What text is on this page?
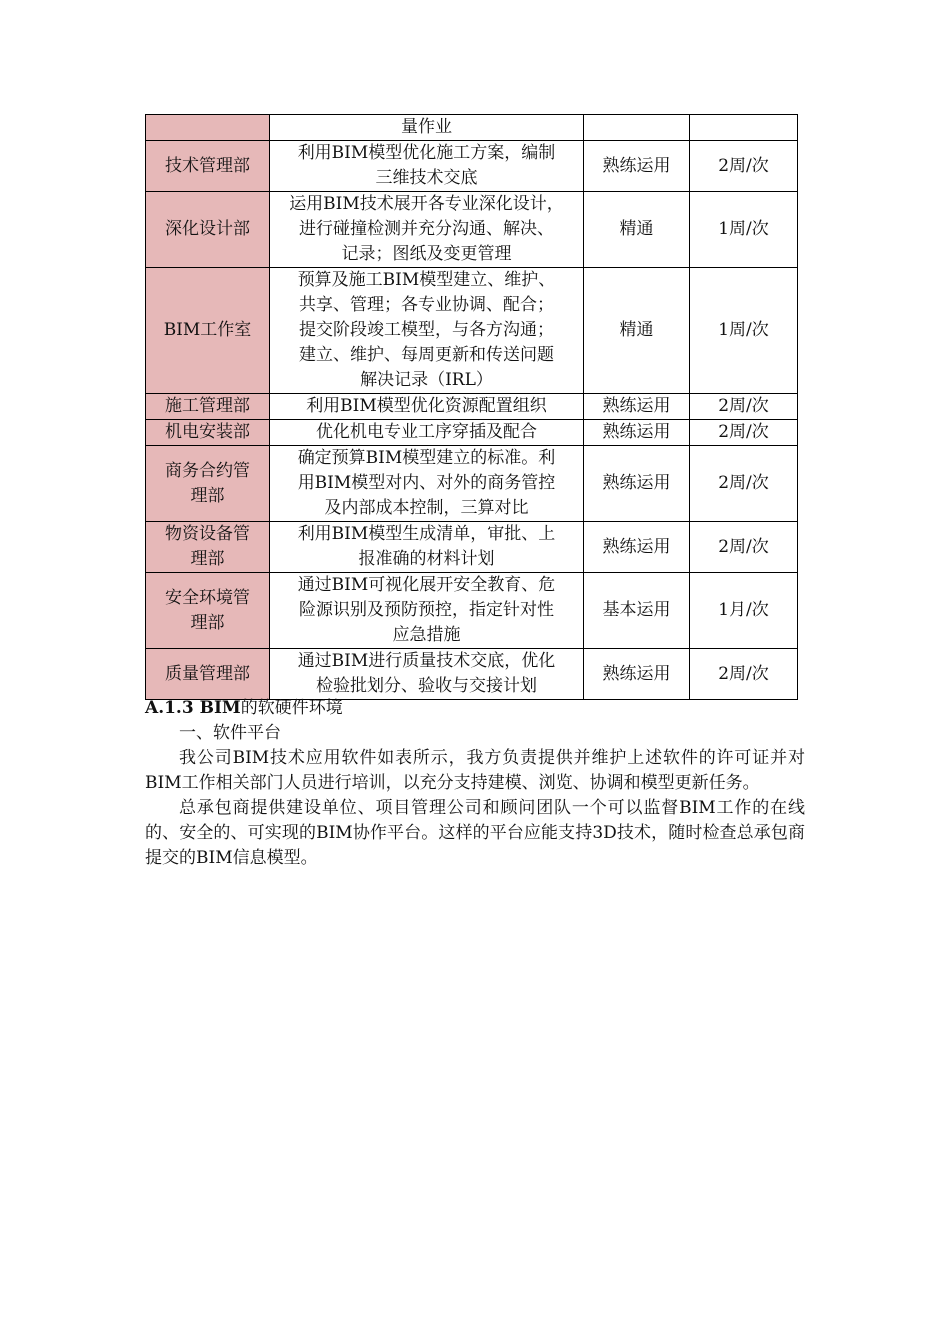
	量作业		

技术管理部	利用BIM模型优化施工方案，编制
三维技术交底	熟练运用	2周/次

深化设计部	运用BIM技术展开各专业深化设计，
进行碰撞检测并充分沟通、解决、
记录；图纸及变更管理	精通	1周/次

BIM工作室	预算及施工BIM模型建立、维护、
共享、管理；各专业协调、配合；
提交阶段竣工模型，与各方沟通；
建立、维护、每周更新和传送问题
解决记录（IRL）	精通	1周/次

施工管理部	利用BIM模型优化资源配置组织	熟练运用	2周/次

机电安装部	优化机电专业工序穿插及配合	熟练运用	2周/次

商务合约管
理部	确定预算BIM模型建立的标准。利
用BIM模型对内、对外的商务管控
及内部成本控制，三算对比	熟练运用	2周/次

物资设备管
理部	利用BIM模型生成清单，审批、上
报准确的材料计划	熟练运用	2周/次

安全环境管
理部	通过BIM可视化展开安全教育、危
险源识别及预防预控，指定针对性
应急措施	基本运用	1月/次

质量管理部	通过BIM进行质量技术交底，优化
检验批划分、验收与交接计划	熟练运用	2周/次
A.1.3 BIM的软硬件环境

一、软件平台

我公司BIM技术应用软件如表所示，我方负责提供并维护上述软件的许可证并对BIM工作相关部门人员进行培训，以充分支持建模、浏览、协调和模型更新任务。

总承包商提供建设单位、项目管理公司和顾问团队一个可以监督BIM工作的在线的、安全的、可实现的BIM协作平台。这样的平台应能支持3D技术，随时检查总承包商提交的BIM信息模型。
